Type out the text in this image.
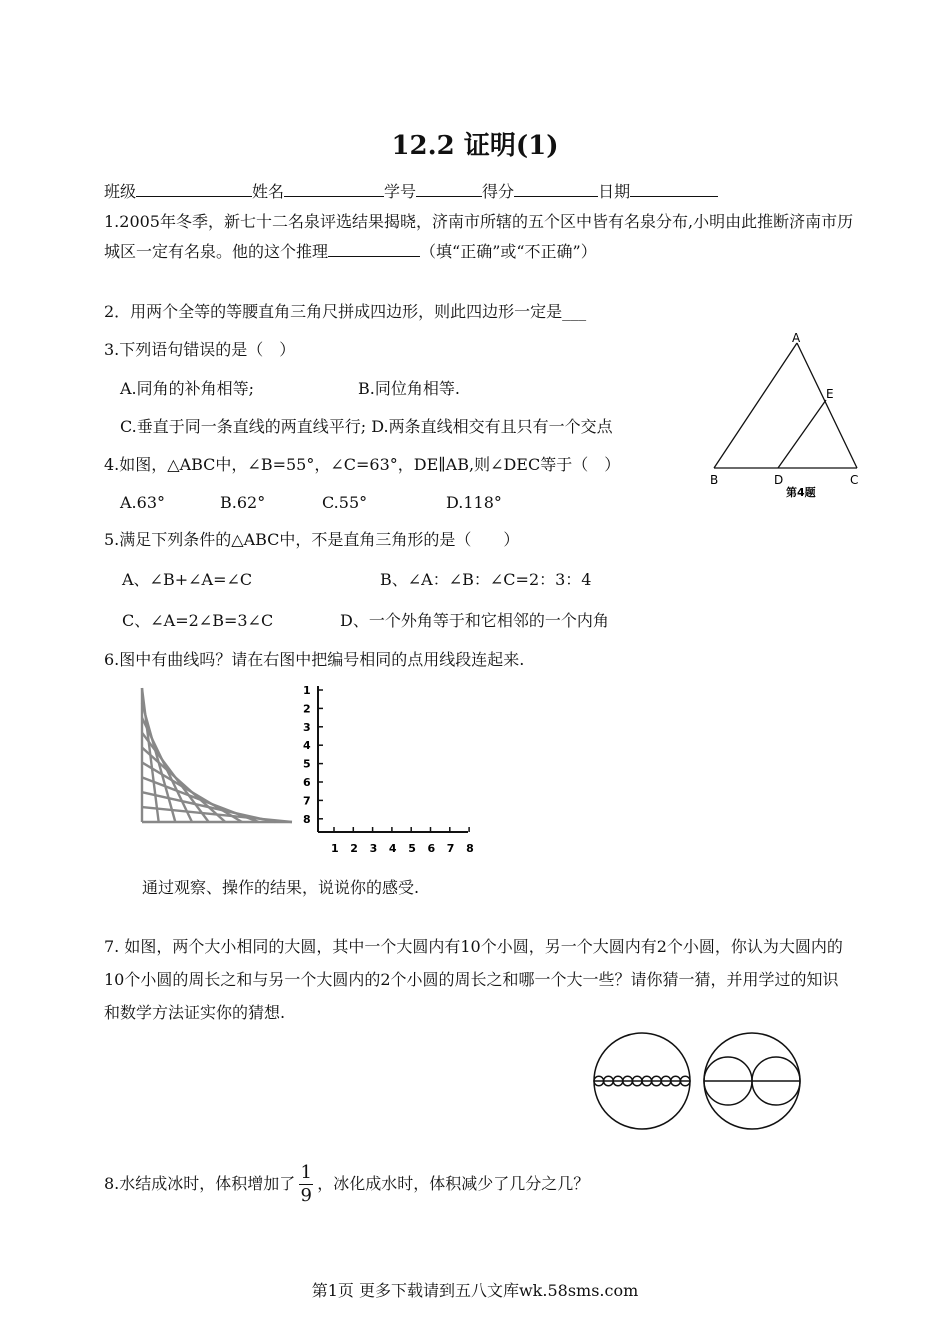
12.2 证明(1)
班级	姓名	学号	得分	日期
1.2005年冬季，新七十二名泉评选结果揭晓，济南市所辖的五个区中皆有名泉分布,小明由此推断济南市历城区一定有名泉。他的这个推理	（填“正确”或“不正确”）
2．用两个全等的等腰直角三角尺拼成四边形，则此四边形一定是___
3.下列语句错误的是（　）
A.同角的补角相等;	B.同位角相等.
C.垂直于同一条直线的两直线平行; D.两条直线相交有且只有一个交点
4.如图，△ABC中，∠B=55°，∠C=63°，DE∥AB,则∠DEC等于（　）
A.63°	B.62°	C.55°	D.118°
A
E
B	D	C
第4题
5.满足下列条件的△ABC中，不是直角三角形的是（　　）
A、∠B+∠A=∠C	B、∠A：∠B：∠C=2：3：4
C、∠A=2∠B=3∠C	D、一个外角等于和它相邻的一个内角
6.图中有曲线吗？请在右图中把编号相同的点用线段连起来.
1
2
3
4
5
6
7
8
1 2 3 4 5 6 7 8
通过观察、操作的结果，说说你的感受.
7. 如图，两个大小相同的大圆，其中一个大圆内有10个小圆，另一个大圆内有2个小圆，你认为大圆内的10个小圆的周长之和与另一个大圆内的2个小圆的周长之和哪一个大一些？请你猜一猜，并用学过的知识和数学方法证实你的猜想.
8.水结成冰时，体积增加了 $\frac{1}{9}$ ，冰化成水时，体积减少了几分之几？
第1页 更多下载请到五八文库wk.58sms.com
